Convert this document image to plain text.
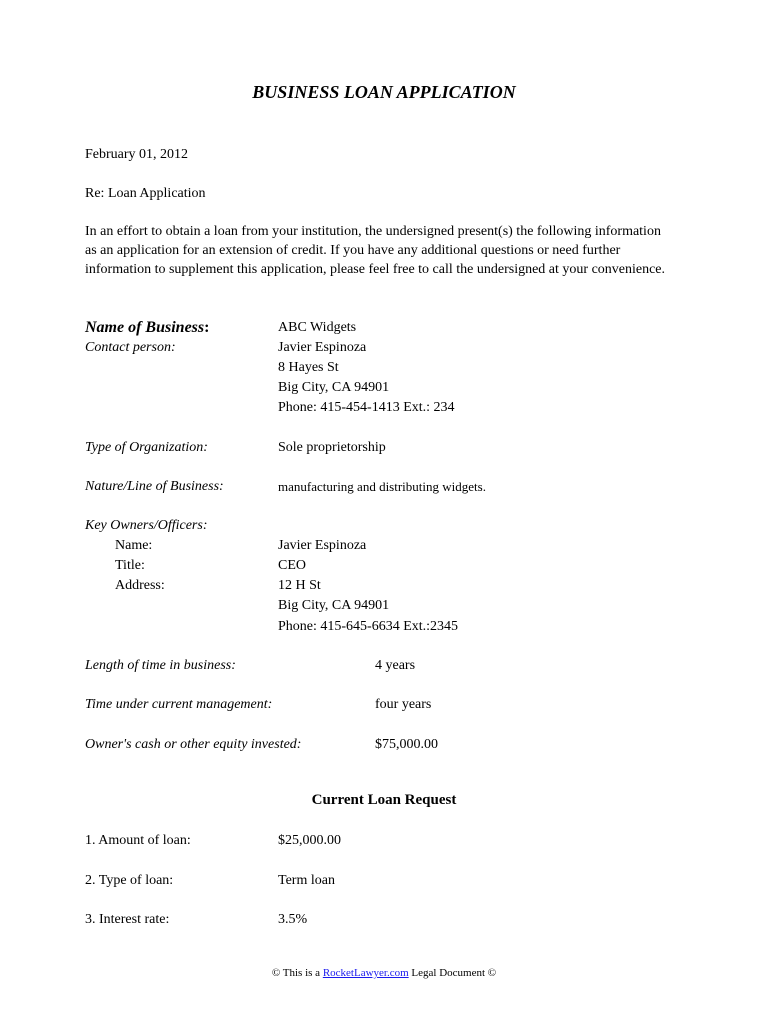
BUSINESS LOAN APPLICATION
February 01, 2012
Re: Loan Application
In an effort to obtain a loan from your institution, the undersigned present(s) the following information as an application for an extension of credit. If you have any additional questions or need further information to supplement this application, please feel free to call the undersigned at your convenience.
Name of Business:	ABC Widgets
Contact person:	Javier Espinoza
8 Hayes St
Big City, CA 94901
Phone: 415-454-1413 Ext.: 234
Type of Organization:	Sole proprietorship
Nature/Line of Business:	manufacturing and distributing widgets.
Key Owners/Officers:
Name:	Javier Espinoza
Title:	CEO
Address:	12 H St
Big City, CA 94901
Phone: 415-645-6634 Ext.:2345
Length of time in business:	4 years
Time under current management:	four years
Owner's cash or other equity invested:	$75,000.00
Current Loan Request
1. Amount of loan:	$25,000.00
2. Type of loan:	Term loan
3. Interest rate:	3.5%
© This is a RocketLawyer.com Legal Document ©
